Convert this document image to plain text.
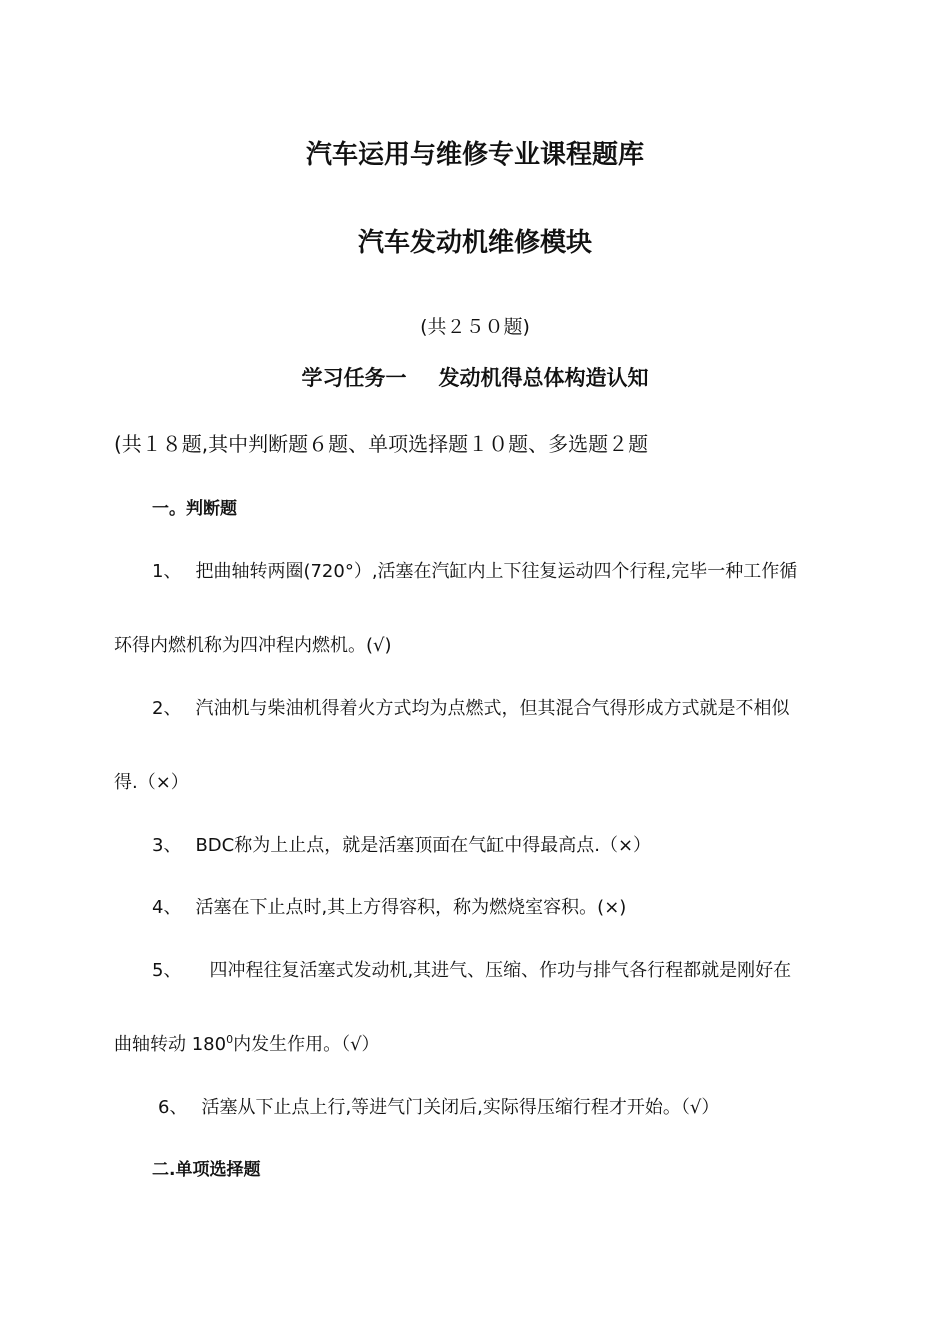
汽车运用与维修专业课程题库
汽车发动机维修模块
(共２５０题)
学习任务一 发动机得总体构造认知
(共１８题,其中判断题６题、单项选择题１０题、多选题２题
一。判断题
1、 把曲轴转两圈(720°）,活塞在汽缸内上下往复运动四个行程,完毕一种工作循
环得内燃机称为四冲程内燃机。(√)
2、 汽油机与柴油机得着火方式均为点燃式，但其混合气得形成方式就是不相似
得.（×）
3、 BDC称为上止点，就是活塞顶面在气缸中得最高点.（×）
4、 活塞在下止点时,其上方得容积，称为燃烧室容积。(×)
5、 四冲程往复活塞式发动机,其进气、压缩、作功与排气各行程都就是刚好在
曲轴转动 $180^0$内发生作用。（√）
6、 活塞从下止点上行,等进气门关闭后,实际得压缩行程才开始。（√）
二.单项选择题
